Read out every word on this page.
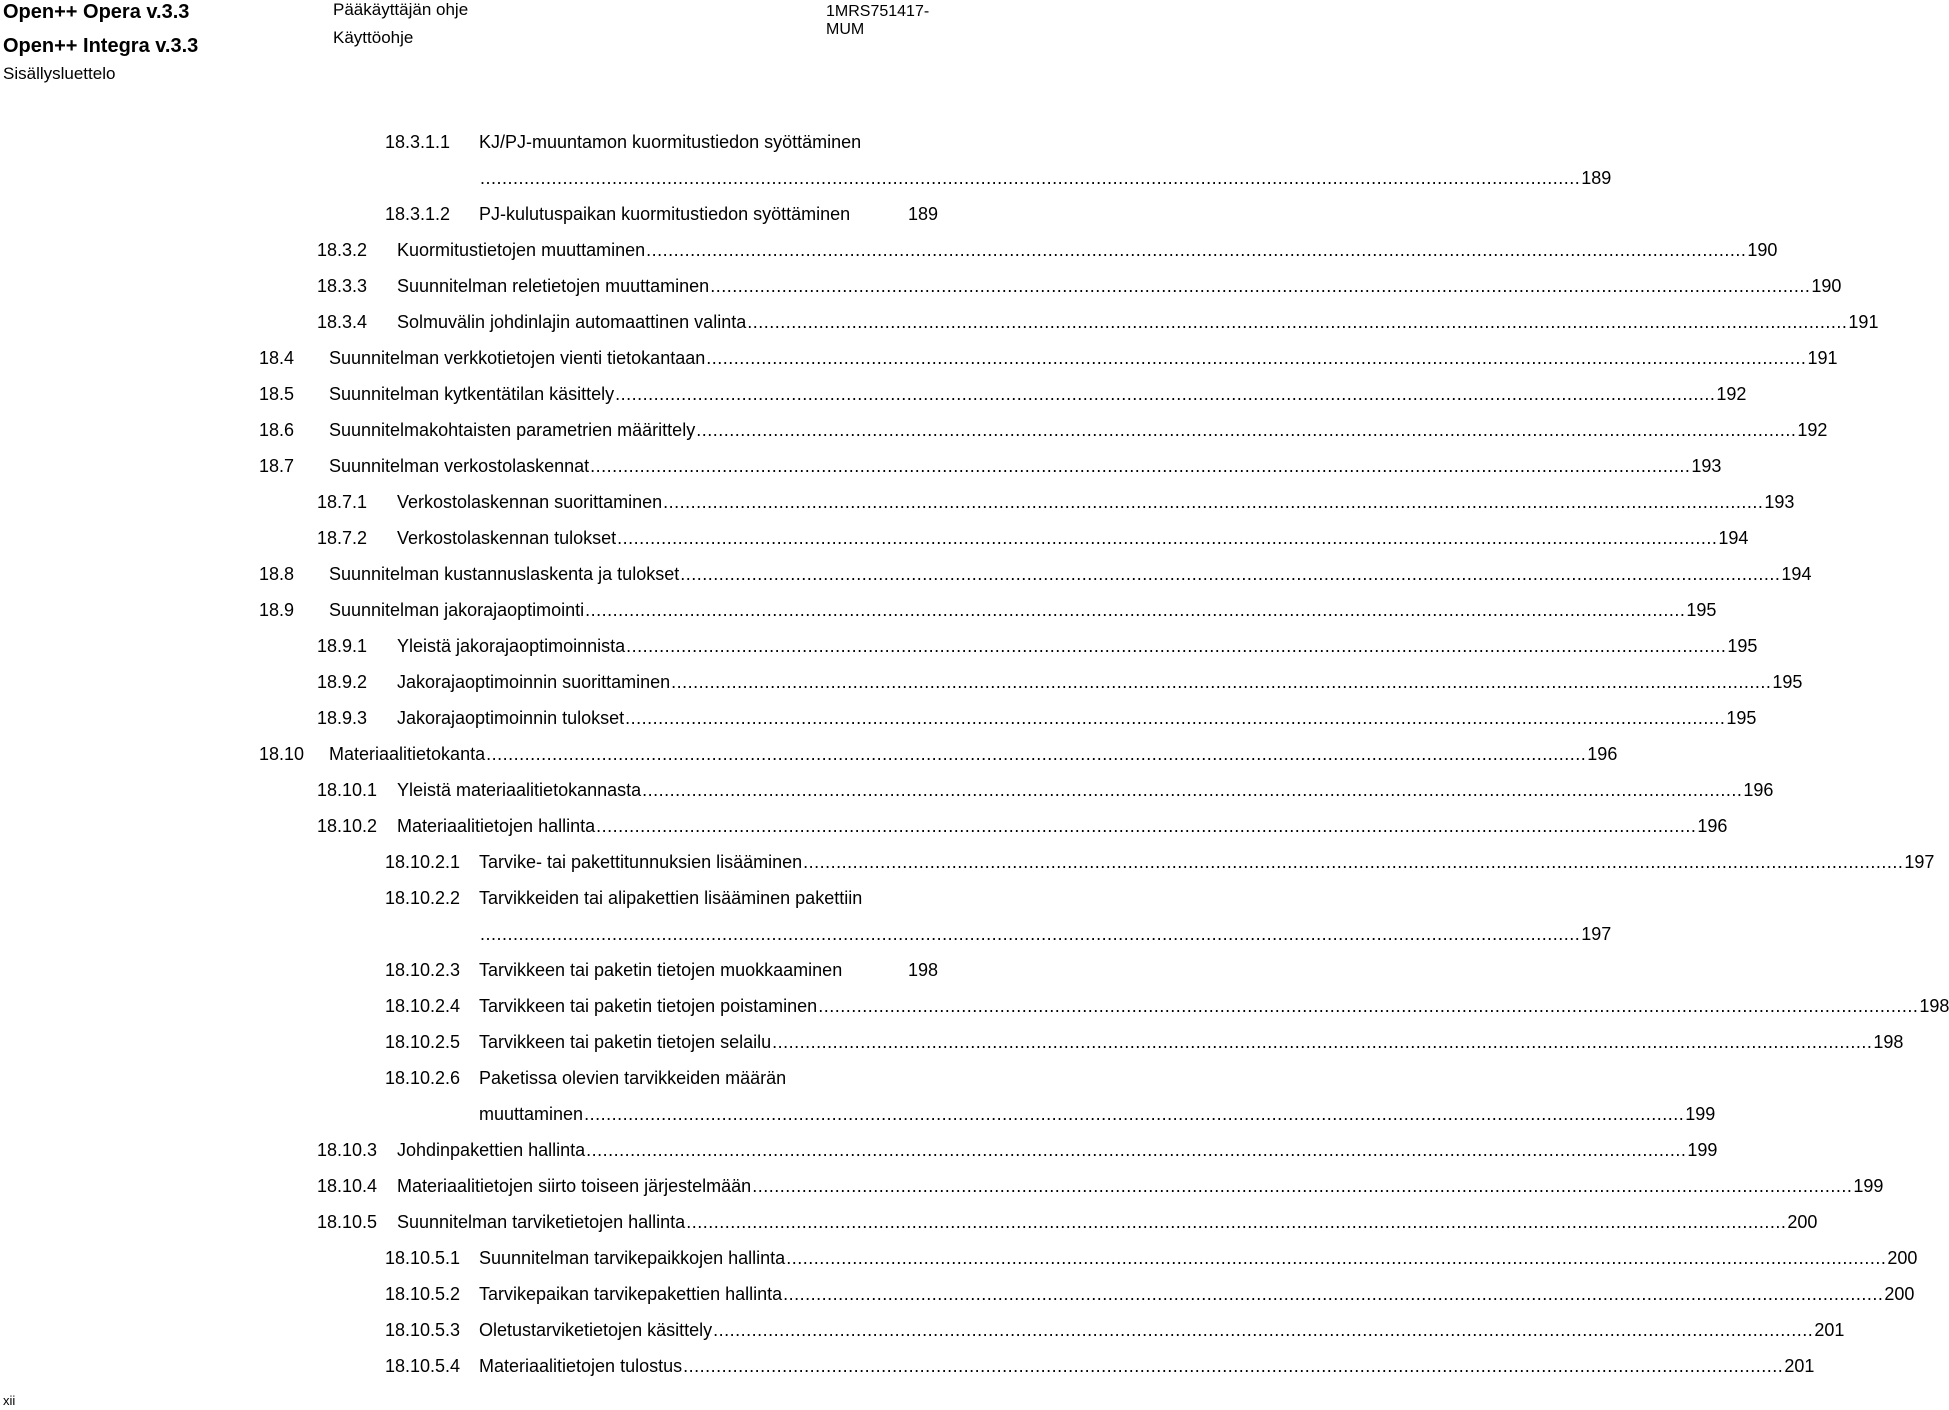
Open++ Opera v.3.3
Open++ Integra v.3.3
Sisällysluettelo
Pääkäyttäjän ohje
Käyttöohje
1MRS751417-MUM
18.3.1.1 KJ/PJ-muuntamon kuormitustiedon syöttäminen
........................................................................................................................................................................................................ 189
18.3.1.2 PJ-kulutuspaikan kuormitustiedon syöttäminen	189
18.3.2 Kuormitustietojen muuttaminen ........................................................................................................................................................................................................ 190
18.3.3 Suunnitelman reletietojen muuttaminen ........................................................................................................................................................................................................ 190
18.3.4 Solmuvälin johdinlajin automaattinen valinta ........................................................................................................................................................................................................ 191
18.4 Suunnitelman verkkotietojen vienti tietokantaan ........................................................................................................................................................................................................ 191
18.5 Suunnitelman kytkentätilan käsittely ........................................................................................................................................................................................................ 192
18.6 Suunnitelmakohtaisten parametrien määrittely ........................................................................................................................................................................................................ 192
18.7 Suunnitelman verkostolaskennat ........................................................................................................................................................................................................ 193
18.7.1 Verkostolaskennan suorittaminen ........................................................................................................................................................................................................ 193
18.7.2 Verkostolaskennan tulokset ........................................................................................................................................................................................................ 194
18.8 Suunnitelman kustannuslaskenta ja tulokset ........................................................................................................................................................................................................ 194
18.9 Suunnitelman jakorajaoptimointi ........................................................................................................................................................................................................ 195
18.9.1 Yleistä jakorajaoptimoinnista ........................................................................................................................................................................................................ 195
18.9.2 Jakorajaoptimoinnin suorittaminen ........................................................................................................................................................................................................ 195
18.9.3 Jakorajaoptimoinnin tulokset ........................................................................................................................................................................................................ 195
18.10 Materiaalitietokanta ........................................................................................................................................................................................................ 196
18.10.1 Yleistä materiaalitietokannasta ........................................................................................................................................................................................................ 196
18.10.2 Materiaalitietojen hallinta ........................................................................................................................................................................................................ 196
18.10.2.1 Tarvike- tai pakettitunnuksien lisääminen ........................................................................................................................................................................................................ 197
18.10.2.2 Tarvikkeiden tai alipakettien lisääminen pakettiin
........................................................................................................................................................................................................ 197
18.10.2.3 Tarvikkeen tai paketin tietojen muokkaaminen	198
18.10.2.4 Tarvikkeen tai paketin tietojen poistaminen ........................................................................................................................................................................................................ 198
18.10.2.5 Tarvikkeen tai paketin tietojen selailu ........................................................................................................................................................................................................ 198
18.10.2.6 Paketissa olevien tarvikkeiden määrän
muuttaminen ........................................................................................................................................................................................................ 199
18.10.3 Johdinpakettien hallinta ........................................................................................................................................................................................................ 199
18.10.4 Materiaalitietojen siirto toiseen järjestelmään ........................................................................................................................................................................................................ 199
18.10.5 Suunnitelman tarviketietojen hallinta ........................................................................................................................................................................................................ 200
18.10.5.1 Suunnitelman tarvikepaikkojen hallinta ........................................................................................................................................................................................................ 200
18.10.5.2 Tarvikepaikan tarvikepakettien hallinta ........................................................................................................................................................................................................ 200
18.10.5.3 Oletustarviketietojen käsittely ........................................................................................................................................................................................................ 201
18.10.5.4 Materiaalitietojen tulostus ........................................................................................................................................................................................................ 201
xii
